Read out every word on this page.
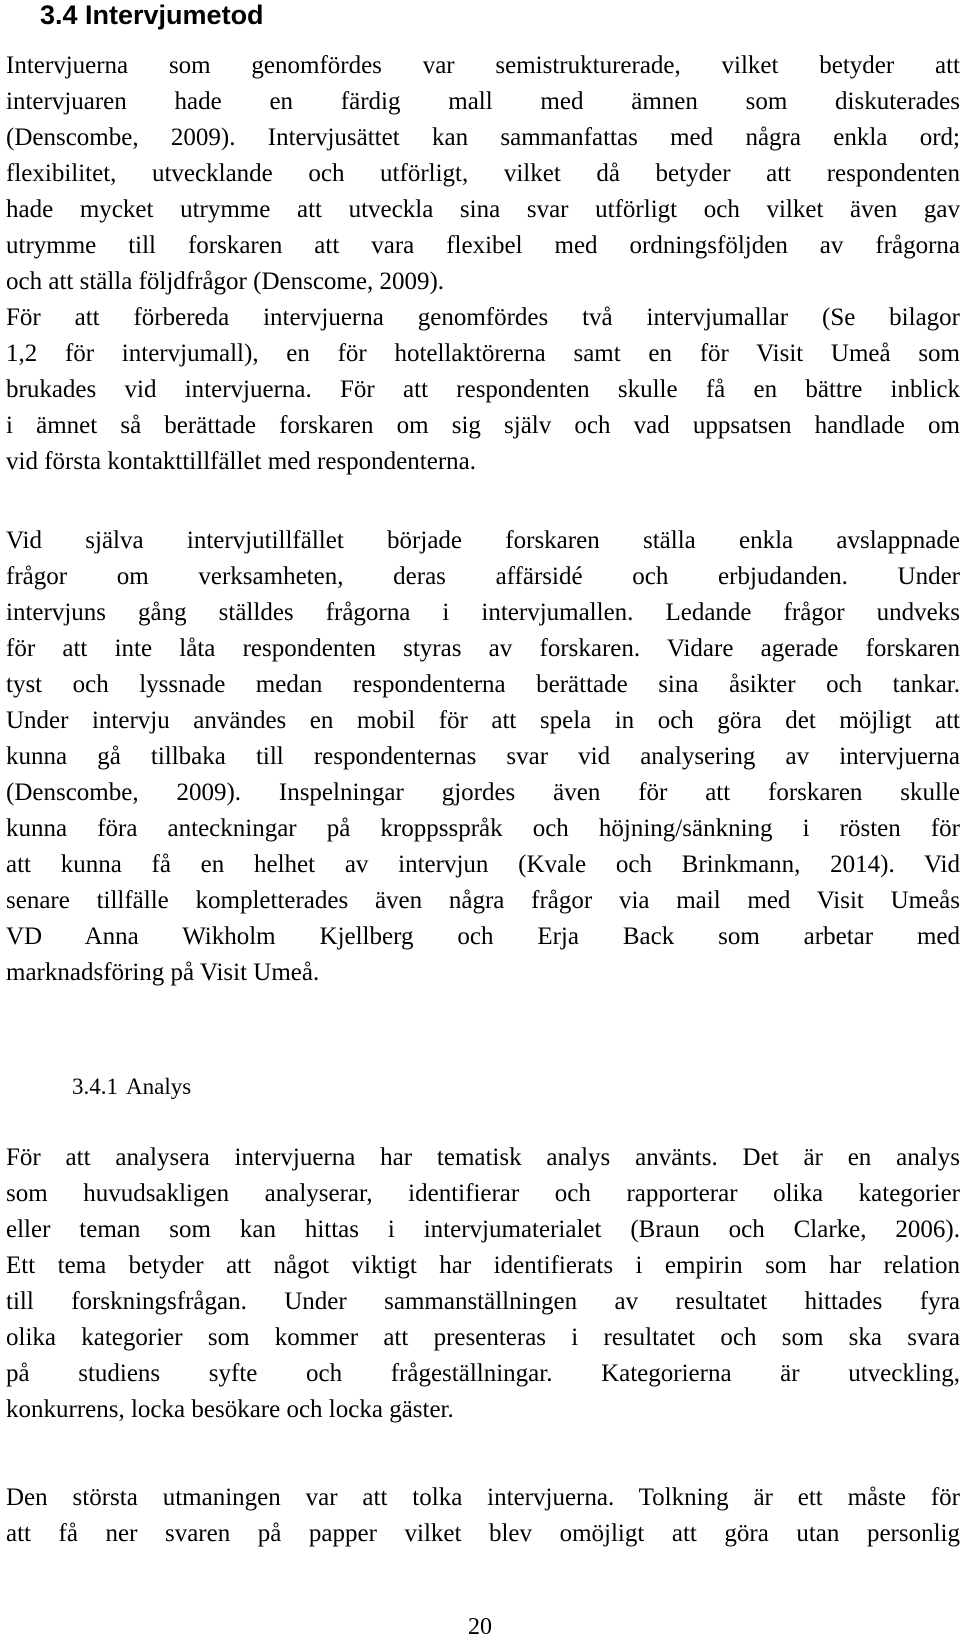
3.4 Intervjumetod
Intervjuerna som genomfördes var semistrukturerade, vilket betyder att
intervjuaren hade en färdig mall med ämnen som diskuterades
(Denscombe, 2009). Intervjusättet kan sammanfattas med några enkla ord;
flexibilitet, utvecklande och utförligt, vilket då betyder att respondenten
hade mycket utrymme att utveckla sina svar utförligt och vilket även gav
utrymme till forskaren att vara flexibel med ordningsföljden av frågorna
och att ställa följdfrågor (Denscome, 2009).
För att förbereda intervjuerna genomfördes två intervjumallar (Se bilagor
1,2 för intervjumall), en för hotellaktörerna samt en för Visit Umeå som
brukades vid intervjuerna. För att respondenten skulle få en bättre inblick
i ämnet så berättade forskaren om sig själv och vad uppsatsen handlade om
vid första kontakttillfället med respondenterna.
Vid själva intervjutillfället började forskaren ställa enkla avslappnade
frågor om verksamheten, deras affärsidé och erbjudanden. Under
intervjuns gång ställdes frågorna i intervjumallen. Ledande frågor undveks
för att inte låta respondenten styras av forskaren. Vidare agerade forskaren
tyst och lyssnade medan respondenterna berättade sina åsikter och tankar.
Under intervju användes en mobil för att spela in och göra det möjligt att
kunna gå tillbaka till respondenternas svar vid analysering av intervjuerna
(Denscombe, 2009). Inspelningar gjordes även för att forskaren skulle
kunna föra anteckningar på kroppsspråk och höjning/sänkning i rösten för
att kunna få en helhet av intervjun (Kvale och Brinkmann, 2014). Vid
senare tillfälle kompletterades även några frågor via mail med Visit Umeås
VD Anna Wikholm Kjellberg och Erja Back som arbetar med
marknadsföring på Visit Umeå.
3.4.1 Analys
För att analysera intervjuerna har tematisk analys använts. Det är en analys
som huvudsakligen analyserar, identifierar och rapporterar olika kategorier
eller teman som kan hittas i intervjumaterialet (Braun och Clarke, 2006).
Ett tema betyder att något viktigt har identifierats i empirin som har relation
till forskningsfrågan. Under sammanställningen av resultatet hittades fyra
olika kategorier som kommer att presenteras i resultatet och som ska svara
på studiens syfte och frågeställningar. Kategorierna är utveckling,
konkurrens, locka besökare och locka gäster.
Den största utmaningen var att tolka intervjuerna. Tolkning är ett måste för
att få ner svaren på papper vilket blev omöjligt att göra utan personlig
20
